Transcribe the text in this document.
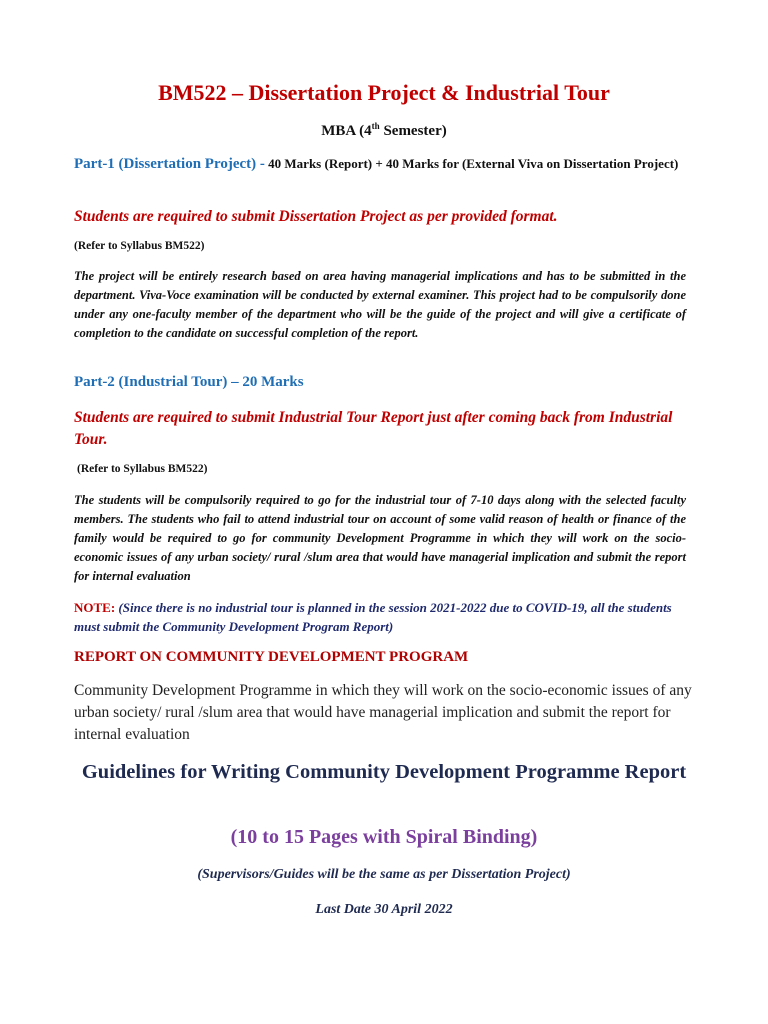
BM522 – Dissertation Project & Industrial Tour
MBA (4th Semester)

Part-1 (Dissertation Project) - 40 Marks (Report) + 40 Marks for (External Viva on Dissertation Project)

Students are required to submit Dissertation Project as per provided format.

(Refer to Syllabus BM522)

The project will be entirely research based on area having managerial implications and has to be submitted in the department. Viva-Voce examination will be conducted by external examiner. This project had to be compulsorily done under any one-faculty member of the department who will be the guide of the project and will give a certificate of completion to the candidate on successful completion of the report.

Part-2 (Industrial Tour) – 20 Marks

Students are required to submit Industrial Tour Report just after coming back from Industrial Tour.

(Refer to Syllabus BM522)

The students will be compulsorily required to go for the industrial tour of 7-10 days along with the selected faculty members. The students who fail to attend industrial tour on account of some valid reason of health or finance of the family would be required to go for community Development Programme in which they will work on the socio-economic issues of any urban society/ rural /slum area that would have managerial implication and submit the report for internal evaluation

NOTE: (Since there is no industrial tour is planned in the session 2021-2022 due to COVID-19, all the students must submit the Community Development Program Report)

REPORT ON COMMUNITY DEVELOPMENT PROGRAM

Community Development Programme in which they will work on the socio-economic issues of any urban society/ rural /slum area that would have managerial implication and submit the report for internal evaluation

Guidelines for Writing Community Development Programme Report

(10 to 15 Pages with Spiral Binding)

(Supervisors/Guides will be the same as per Dissertation Project)

Last Date 30 April 2022
